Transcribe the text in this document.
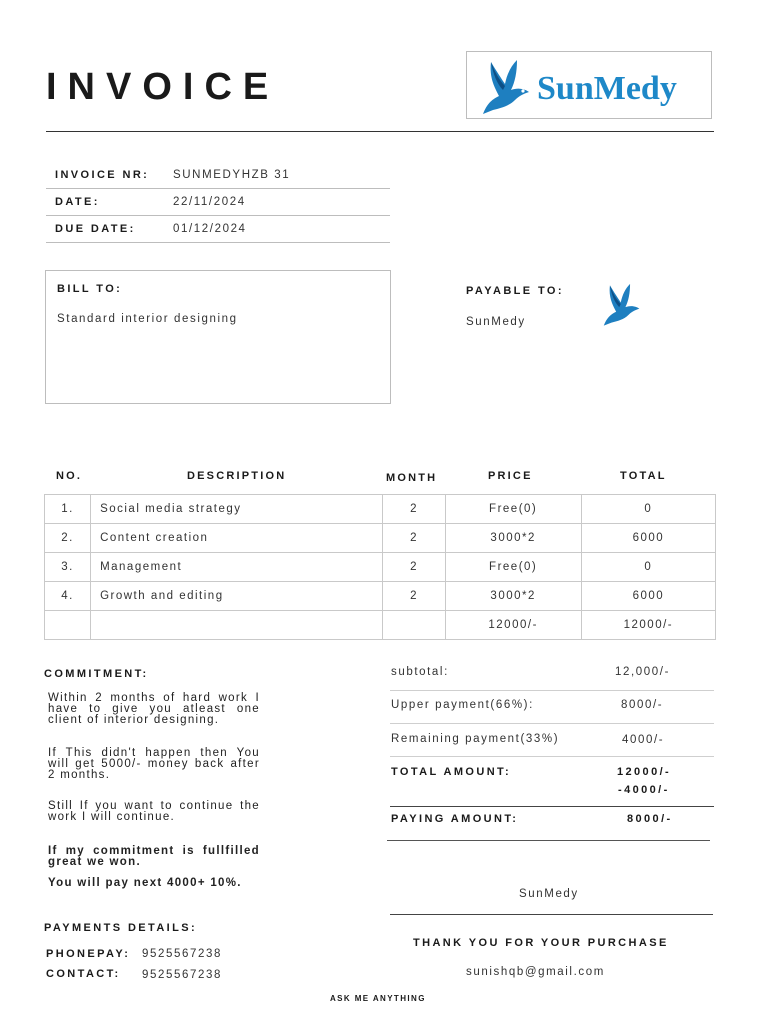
INVOICE	SunMedy
INVOICE NR: SUNMEDYHZB 31
DATE:	22/11/2024
DUE DATE:	01/12/2024
BILL TO:
Standard interior designing
PAYABLE TO:
SunMedy
NO.	DESCRIPTION	MONTH	PRICE	TOTAL
1.	Social media strategy	2	Free(0)	0
2.	Content creation	2	3000*2	6000
3.	Management	2	Free(0)	0
4.	Growth and editing	2	3000*2	6000
			12000/-	12000/-
COMMITMENT:
Within 2 months of hard work I have to give you atleast one client of interior designing.
If This didn't happen then You will get 5000/- money back after 2 months.
Still If you want to continue the work I will continue.
If my commitment is fullfilled great we won.
You will pay next 4000+ 10%.
PAYMENTS DETAILS:
PHONEPAY: 9525567238
CONTACT: 9525567238
subtotal:	12,000/-
Upper payment(66%):	8000/-
Remaining payment(33%)	4000/-
TOTAL AMOUNT:	12000/-
-4000/-
PAYING AMOUNT:	8000/-
SunMedy
THANK YOU FOR YOUR PURCHASE
sunishqb@gmail.com
ASK ME ANYTHING
